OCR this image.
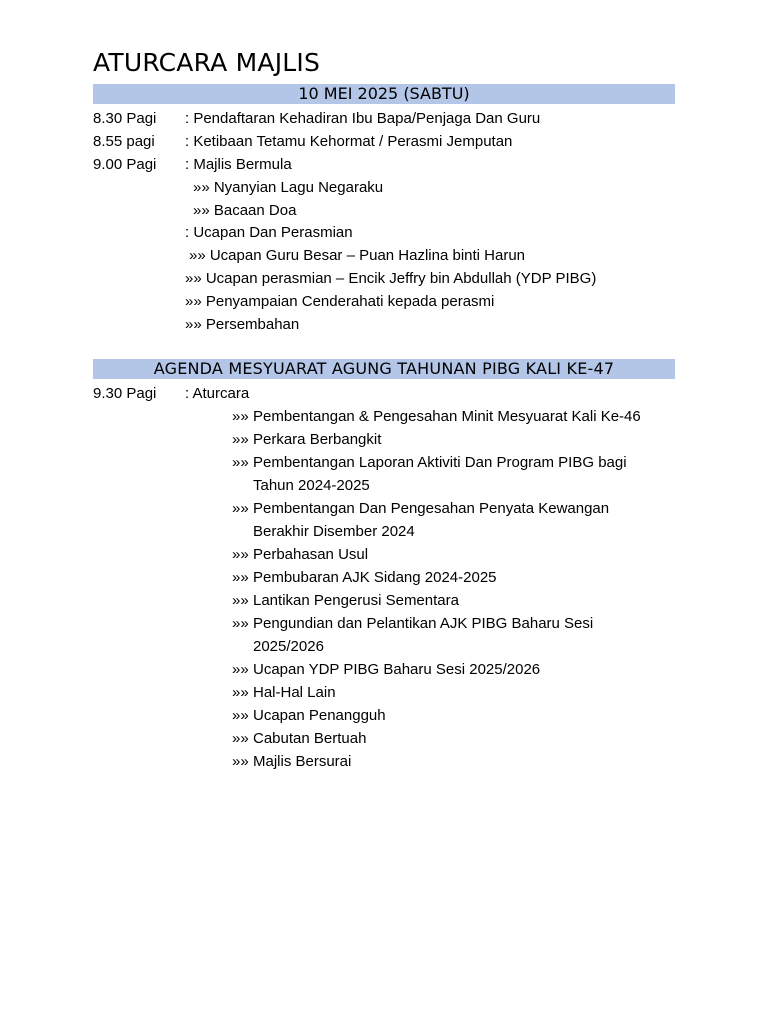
ATURCARA MAJLIS
10 MEI 2025 (SABTU)
8.30 Pagi : Pendaftaran Kehadiran Ibu Bapa/Penjaga Dan Guru
8.55 pagi : Ketibaan Tetamu Kehormat / Perasmi Jemputan
9.00 Pagi : Majlis Bermula
»» Nyanyian Lagu Negaraku
»» Bacaan Doa
: Ucapan Dan Perasmian
»» Ucapan Guru Besar – Puan Hazlina binti Harun
»» Ucapan perasmian – Encik Jeffry bin Abdullah (YDP PIBG)
»» Penyampaian Cenderahati kepada perasmi
»» Persembahan
AGENDA MESYUARAT AGUNG TAHUNAN PIBG KALI KE-47
9.30 Pagi : Aturcara
»» Pembentangan & Pengesahan Minit Mesyuarat Kali Ke-46
»» Perkara Berbangkit
»» Pembentangan Laporan Aktiviti Dan Program PIBG bagi
Tahun 2024-2025
»» Pembentangan Dan Pengesahan Penyata Kewangan
Berakhir Disember 2024
»» Perbahasan Usul
»» Pembubaran AJK Sidang 2024-2025
»» Lantikan Pengerusi Sementara
»» Pengundian dan Pelantikan AJK PIBG Baharu Sesi
2025/2026
»» Ucapan YDP PIBG Baharu Sesi 2025/2026
»» Hal-Hal Lain
»» Ucapan Penangguh
»» Cabutan Bertuah
»» Majlis Bersurai
